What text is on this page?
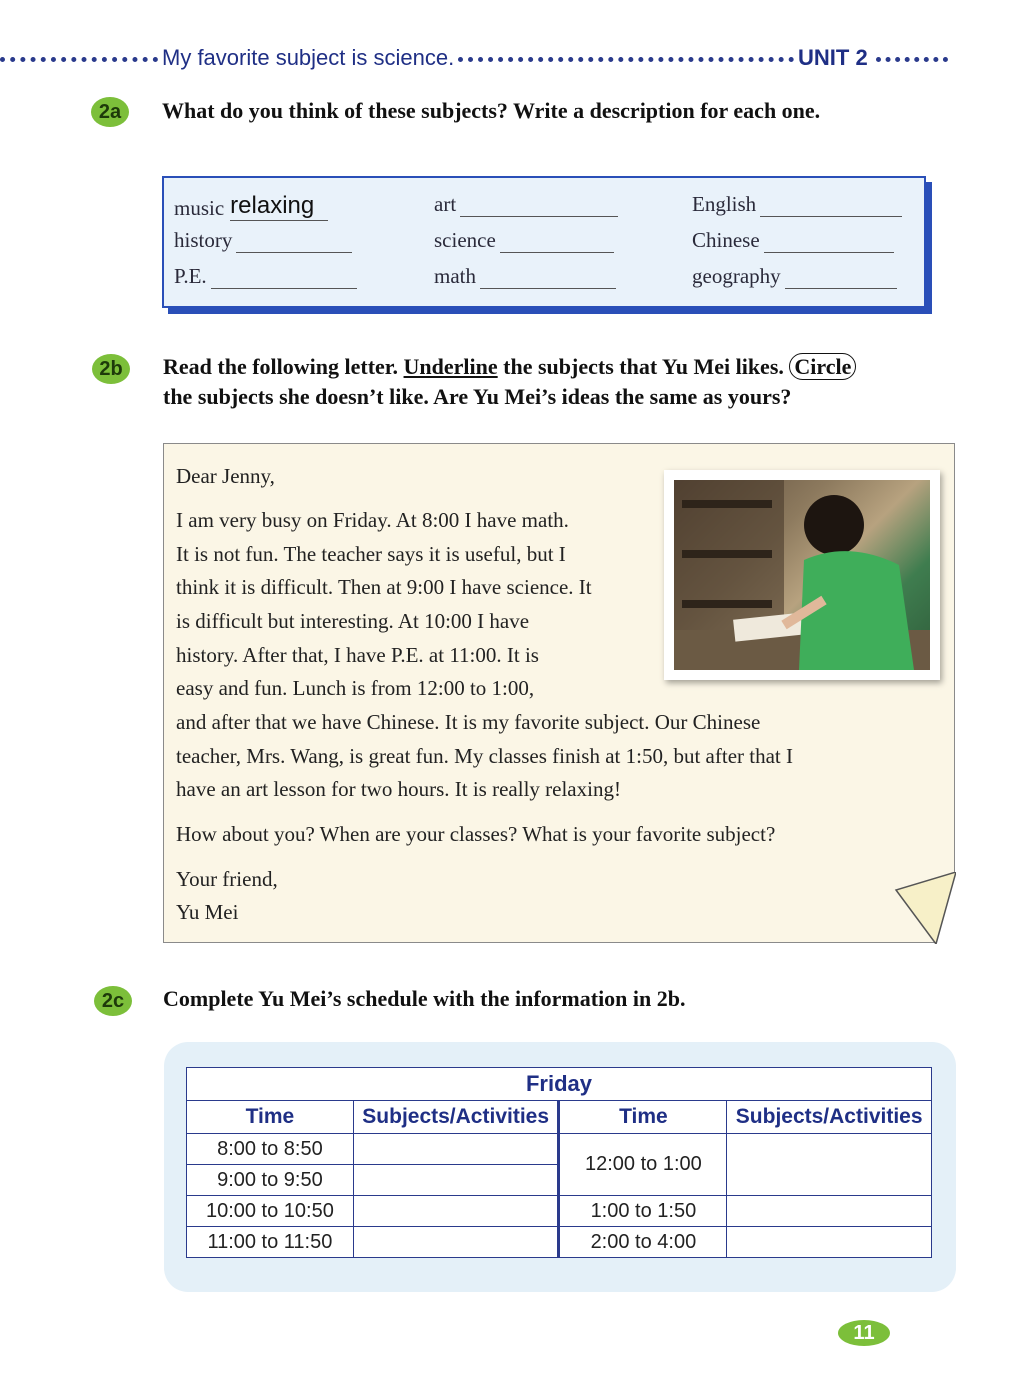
My favorite subject is science.	UNIT 2
2a	What do you think of these subjects? Write a description for each one.
music relaxing	art	English
history	science	Chinese
P.E.	math	geography
2b	Read the following letter. Underline the subjects that Yu Mei likes. Circle
the subjects she doesn’t like. Are Yu Mei’s ideas the same as yours?
Dear Jenny,
I am very busy on Friday. At 8:00 I have math.
It is not fun. The teacher says it is useful, but I
think it is difficult. Then at 9:00 I have science. It
is difficult but interesting. At 10:00 I have
history. After that, I have P.E. at 11:00. It is
easy and fun. Lunch is from 12:00 to 1:00,
and after that we have Chinese. It is my favorite subject. Our Chinese
teacher, Mrs. Wang, is great fun. My classes finish at 1:50, but after that I
have an art lesson for two hours. It is really relaxing!
How about you? When are your classes? What is your favorite subject?
Your friend,
Yu Mei
2c	Complete Yu Mei’s schedule with the information in 2b.
Friday			
Time	Subjects/Activities	Time	Subjects/Activities
8:00 to 8:50		12:00 to 1:00	
9:00 to 9:50			
10:00 to 10:50		1:00 to 1:50	
11:00 to 11:50		2:00 to 4:00	
11
